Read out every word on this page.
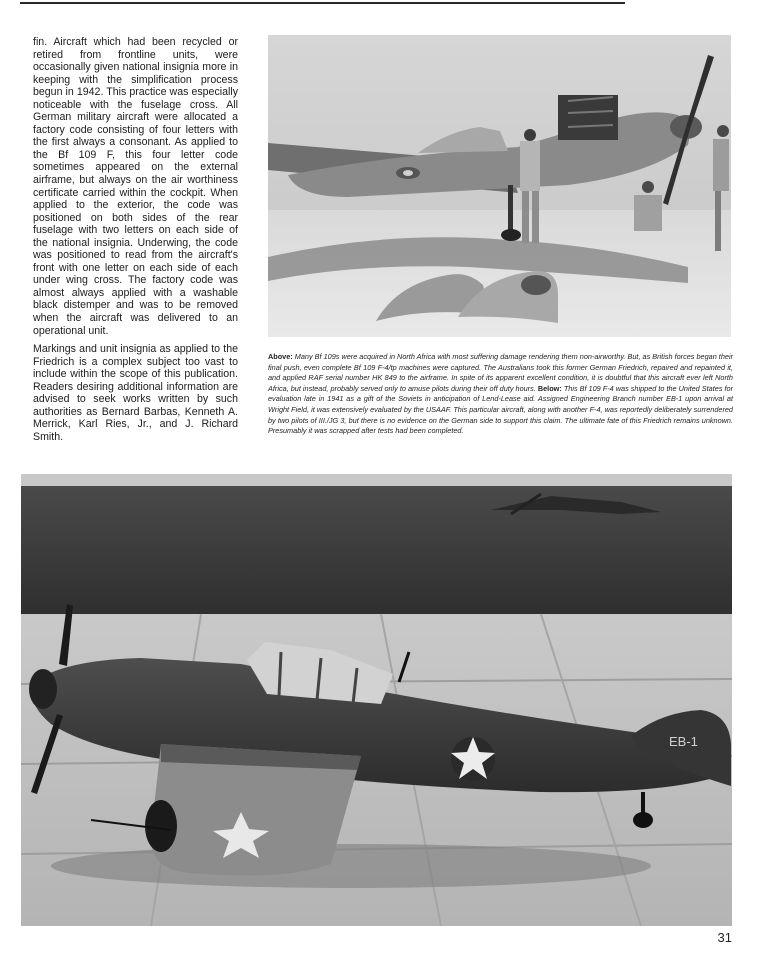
fin. Aircraft which had been recycled or retired from frontline units, were occasionally given national insignia more in keeping with the simplification process begun in 1942. This practice was especially noticeable with the fuselage cross. All German military aircraft were allocated a factory code consisting of four letters with the first always a consonant. As applied to the Bf 109 F, this four letter code sometimes appeared on the external airframe, but always on the air worthiness certificate carried within the cockpit. When applied to the exterior, the code was positioned on both sides of the rear fuselage with two letters on each side of the national insignia. Underwing, the code was positioned to read from the aircraft's front with one letter on each side of each under wing cross. The factory code was almost always applied with a washable black distemper and was to be removed when the aircraft was delivered to an operational unit.

Markings and unit insignia as applied to the Friedrich is a complex subject too vast to include within the scope of this publication. Readers desiring additional information are advised to seek works written by such authorities as Bernard Barbas, Kenneth A. Merrick, Karl Ries, Jr., and J. Richard Smith.

Above: Many Bf 109s were acquired in North Africa with most suffering damage rendering them non-airworthy. But, as British forces began their final push, even complete Bf 109 F-4/tp machines were captured. The Australians took this former German Friedrich, repaired and repainted it, and applied RAF serial number HK 849 to the airframe. In spite of its apparent excellent condition, it is doubtful that this aircraft ever left North Africa, but instead, probably served only to amuse pilots during their off duty hours. Below: This Bf 109 F-4 was shipped to the United States for evaluation late in 1941 as a gift of the Soviets in anticipation of Lend-Lease aid. Assigned Engineering Branch number EB-1 upon arrival at Wright Field, it was extensively evaluated by the USAAF. This particular aircraft, along with another F-4, was reportedly deliberately surrendered by two pilots of III./JG 3, but there is no evidence on the German side to support this claim. The ultimate fate of this Friedrich remains unknown. Presumably it was scrapped after tests had been completed.
EB-1
31
